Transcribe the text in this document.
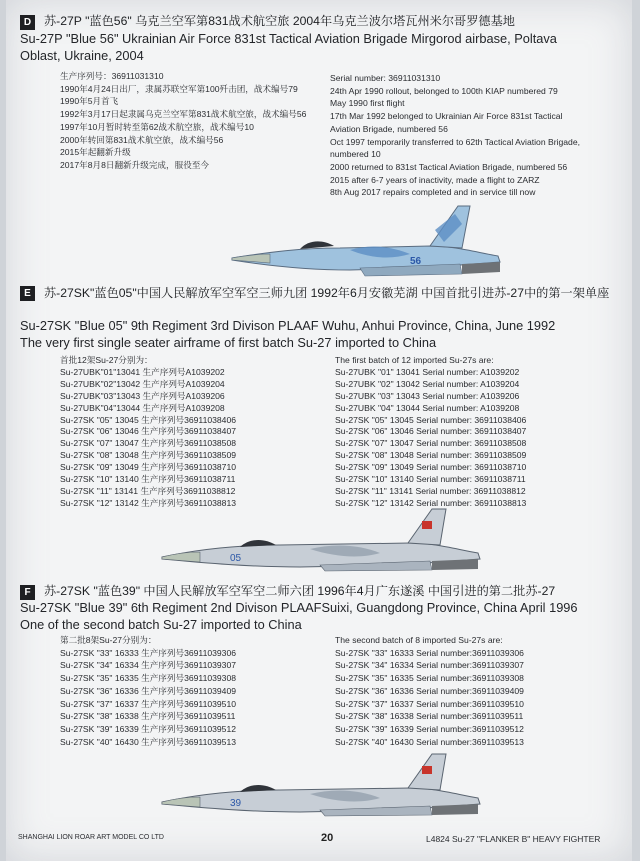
D	苏-27P "蓝色56" 乌克兰空军第831战术航空旅 2004年乌克兰波尔塔瓦州米尔哥罗德基地
Su-27P "Blue 56" Ukrainian Air Force 831st Tactical Aviation Brigade Mirgorod airbase, Poltava
Oblast, Ukraine, 2004
生产序列号：36911031310
1990年4月24日出厂，隶属苏联空军第100歼击团，战术编号79
1990年5月首飞
1992年3月17日起隶属乌克兰空军第831战术航空旅，战术编号56
1997年10月暂时转至第62战术航空旅，战术编号10
2000年转回第831战术航空旅，战术编号56
2015年起翻新升级
2017年8月8日翻新升级完成，服役至今
Serial number: 36911031310
24th Apr 1990 rollout, belonged to 100th KIAP numbered 79
May 1990 first flight
17th Mar 1992 belonged to Ukrainian Air Force 831st Tactical
Aviation Brigade, numbered 56
Oct 1997 temporarily transferred to 62th Tactical Aviation Brigade,
numbered 10
2000 returned to 831st Tactical Aviation Brigade, numbered 56
2015 after 6-7 years of inactivity, made a flight to ZARZ
8th Aug 2017 repairs completed and in service till now
56
E	苏-27SK"蓝色05"中国人民解放军空军空三师九团 1992年6月安徽芜湖 中国首批引进苏-27中的第一架单座
Su-27SK "Blue 05" 9th Regiment 3rd Divison PLAAF Wuhu, Anhui Province, China, June 1992
The very first single seater airframe of first batch Su-27 imported to China
首批12架Su-27分别为：
Su-27UBK"01"13041 生产序列号A1039202
Su-27UBK"02"13042 生产序列号A1039204
Su-27UBK"03"13043 生产序列号A1039206
Su-27UBK"04"13044 生产序列号A1039208
Su-27SK "05" 13045 生产序列号36911038406
Su-27SK "06" 13046 生产序列号36911038407
Su-27SK "07" 13047 生产序列号36911038508
Su-27SK "08" 13048 生产序列号36911038509
Su-27SK "09" 13049 生产序列号36911038710
Su-27SK "10" 13140 生产序列号36911038711
Su-27SK "11" 13141 生产序列号36911038812
Su-27SK "12" 13142 生产序列号36911038813
The first batch of 12 imported Su-27s are:
Su-27UBK "01" 13041 Serial number: A1039202
Su-27UBK "02" 13042 Serial number: A1039204
Su-27UBK "03" 13043 Serial number: A1039206
Su-27UBK "04" 13044 Serial number: A1039208
Su-27SK "05" 13045 Serial number: 36911038406
Su-27SK "06" 13046 Serial number: 36911038407
Su-27SK "07" 13047 Serial number: 36911038508
Su-27SK "08" 13048 Serial number: 36911038509
Su-27SK "09" 13049 Serial number: 36911038710
Su-27SK "10" 13140 Serial number: 36911038711
Su-27SK "11" 13141 Serial number: 36911038812
Su-27SK "12" 13142 Serial number: 36911038813
05
F	苏-27SK "蓝色39" 中国人民解放军空军空二师六团 1996年4月广东遂溪 中国引进的第二批苏-27
Su-27SK "Blue 39" 6th Regiment 2nd Divison PLAAFSuixi, Guangdong Province, China April 1996
One of the second batch Su-27 imported to China
第二批8架Su-27分别为：
Su-27SK "33" 16333 生产序列号36911039306
Su-27SK "34" 16334 生产序列号36911039307
Su-27SK "35" 16335 生产序列号36911039308
Su-27SK "36" 16336 生产序列号36911039409
Su-27SK "37" 16337 生产序列号36911039510
Su-27SK "38" 16338 生产序列号36911039511
Su-27SK "39" 16339 生产序列号36911039512
Su-27SK "40" 16430 生产序列号36911039513
The second batch of 8 imported Su-27s are:
Su-27SK "33" 16333 Serial number:36911039306
Su-27SK "34" 16334 Serial number:36911039307
Su-27SK "35" 16335 Serial number:36911039308
Su-27SK "36" 16336 Serial number:36911039409
Su-27SK "37" 16337 Serial number:36911039510
Su-27SK "38" 16338 Serial number:36911039511
Su-27SK "39" 16339 Serial number:36911039512
Su-27SK "40" 16430 Serial number:36911039513
39
SHANGHAI LION ROAR ART MODEL CO LTD	20	L4824 Su-27 "FLANKER B" HEAVY FIGHTER
